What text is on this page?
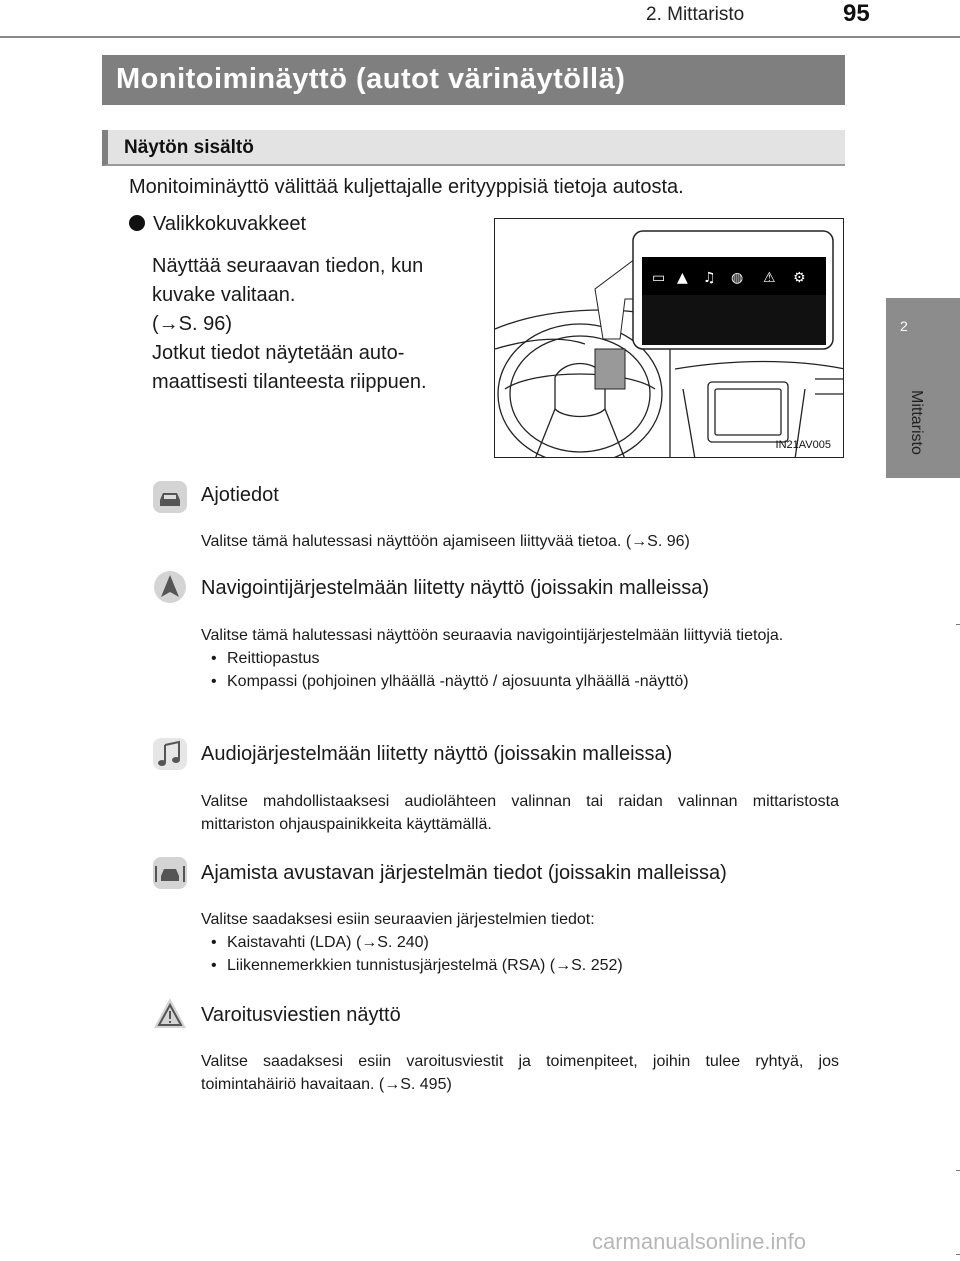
2. Mittaristo	95
2
Mittaristo
Monitoiminäyttö (autot värinäytöllä)
Näytön sisältö
Monitoiminäyttö välittää kuljettajalle erityyppisiä tietoja autosta.
Valikkokuvakkeet
Näyttää seuraavan tiedon, kun
kuvake valitaan.
(→S. 96)
Jotkut tiedot näytetään auto-
maattisesti tilanteesta riippuen.
▭ ▲ ♫ ◍ ⚠ ⚙
IN21AV005
Ajotiedot
Valitse tämä halutessasi näyttöön ajamiseen liittyvää tietoa. (→S. 96)
Navigointijärjestelmään liitetty näyttö (joissakin malleissa)
Valitse tämä halutessasi näyttöön seuraavia navigointijärjestelmään liittyviä tietoja.
• Reittiopastus
• Kompassi (pohjoinen ylhäällä -näyttö / ajosuunta ylhäällä -näyttö)
Audiojärjestelmään liitetty näyttö (joissakin malleissa)
Valitse mahdollistaaksesi audiolähteen valinnan tai raidan valinnan mittaristosta mittariston ohjauspainikkeita käyttämällä.
Ajamista avustavan järjestelmän tiedot (joissakin malleissa)
Valitse saadaksesi esiin seuraavien järjestelmien tiedot:
• Kaistavahti (LDA) (→S. 240)
• Liikennemerkkien tunnistusjärjestelmä (RSA) (→S. 252)
Varoitusviestien näyttö
Valitse saadaksesi esiin varoitusviestit ja toimenpiteet, joihin tulee ryhtyä, jos toimintahäiriö havaitaan. (→S. 495)
carmanualsonline.info
